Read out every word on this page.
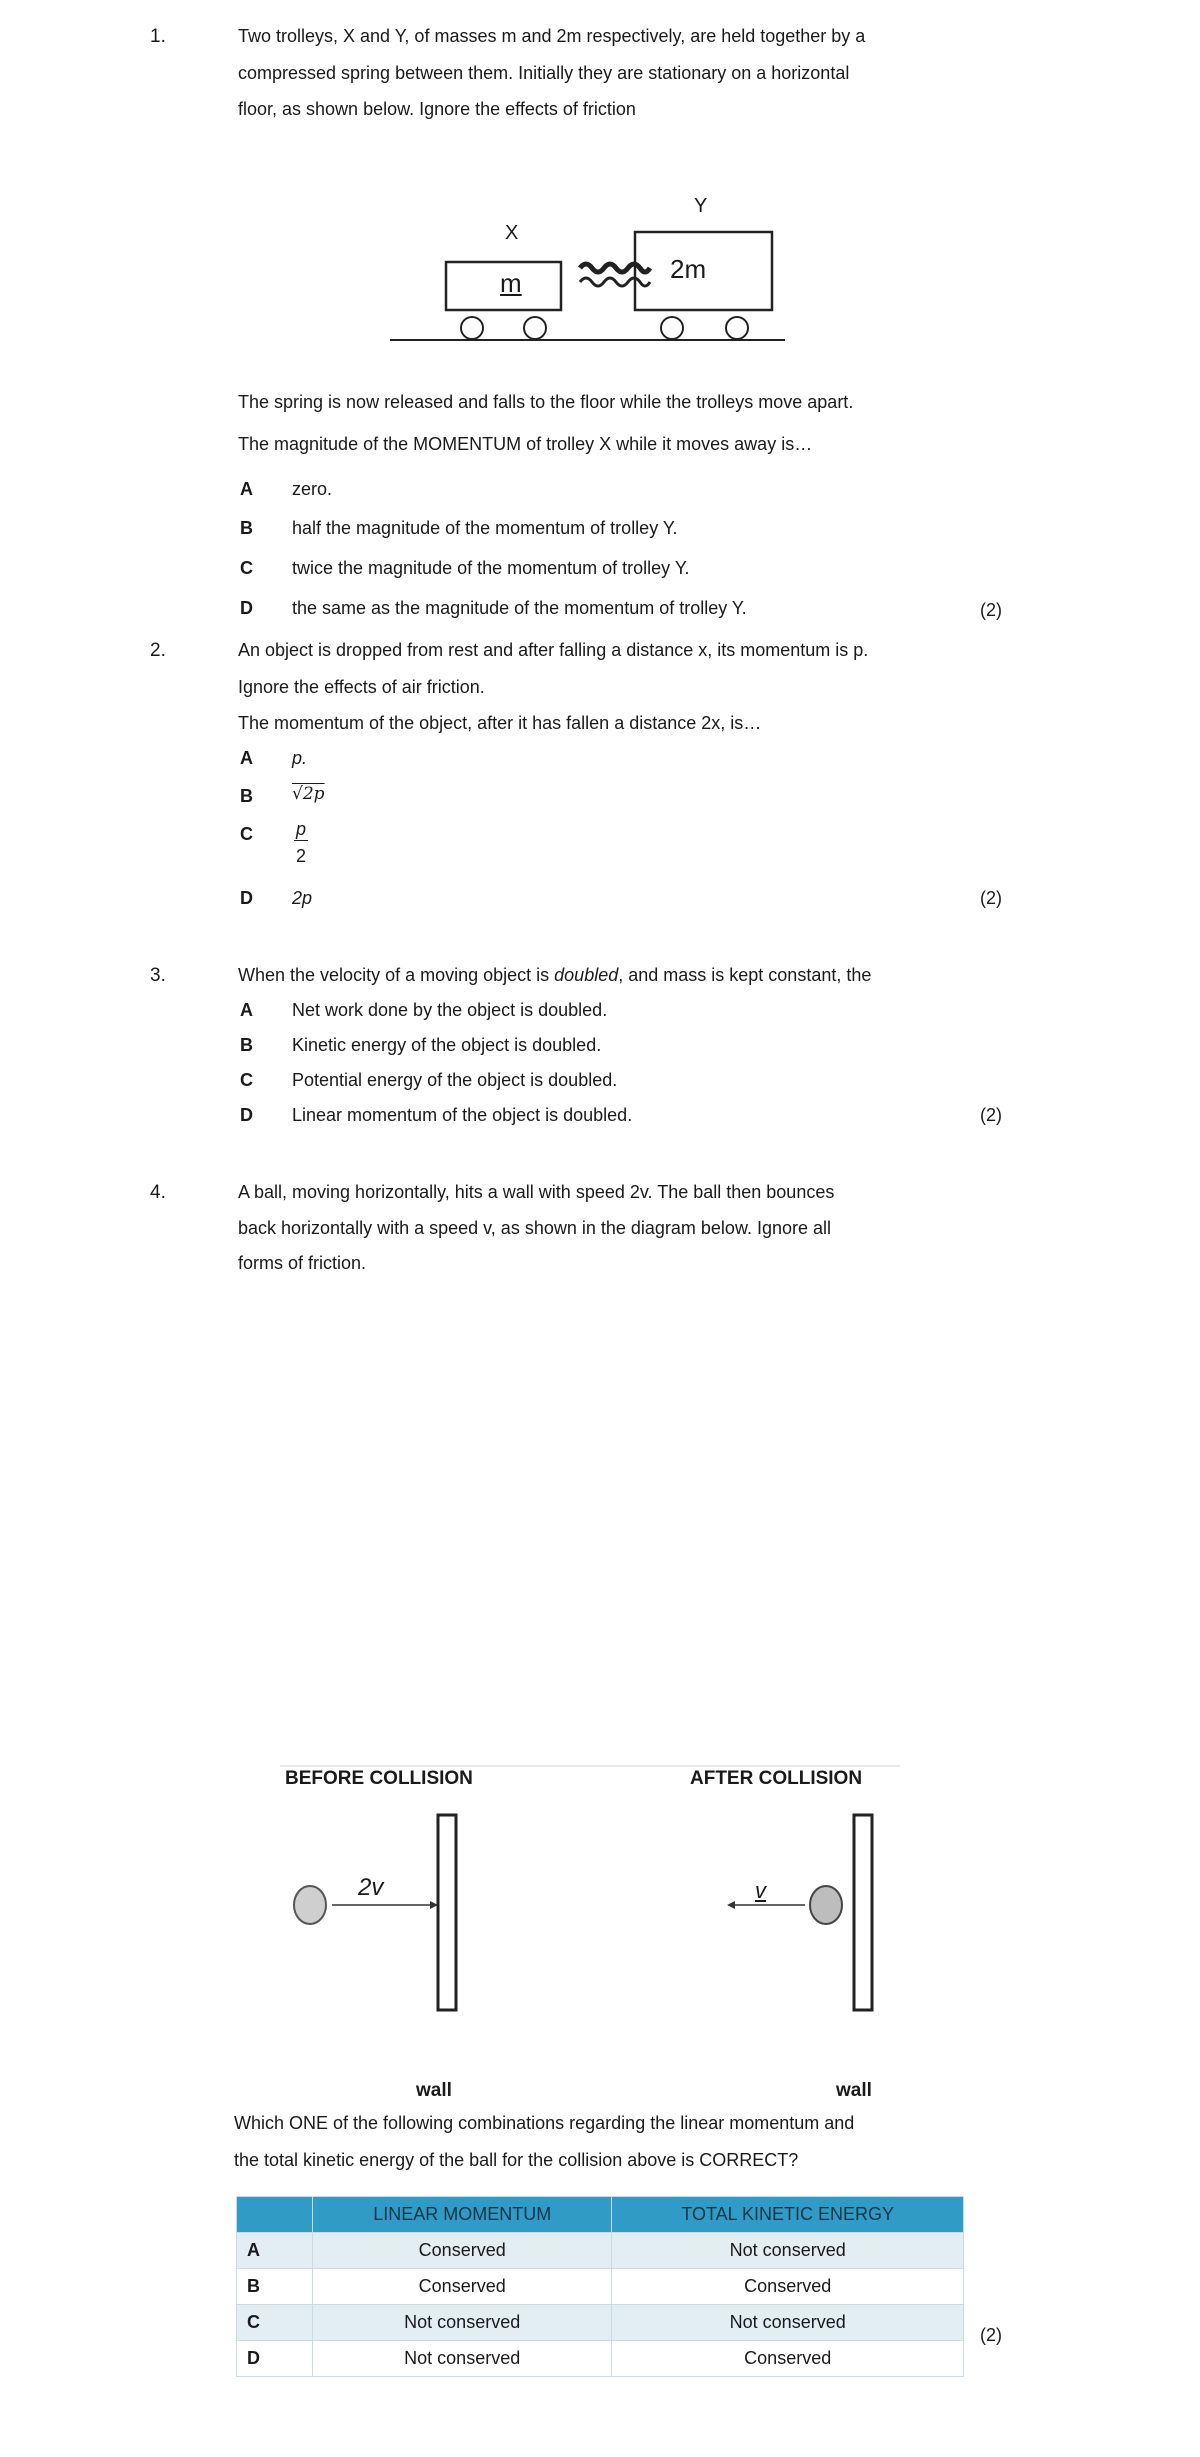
1.	Two trolleys, X and Y, of masses m and 2m respectively, are held together by a
compressed spring between them. Initially they are stationary on a horizontal
floor, as shown below. Ignore the effects of friction
X
Y
m	2m
The spring is now released and falls to the floor while the trolleys move apart.
The magnitude of the MOMENTUM of trolley X while it moves away is…
A zero.
B half the magnitude of the momentum of trolley Y.
C twice the magnitude of the momentum of trolley Y.
D the same as the magnitude of the momentum of trolley Y.	(2)
2.	An object is dropped from rest and after falling a distance x, its momentum is p.
Ignore the effects of air friction.
The momentum of the object, after it has fallen a distance 2x, is…
A p.
B √2p
C p
2
D 2p	(2)
3.	When the velocity of a moving object is doubled, and mass is kept constant, the
A Net work done by the object is doubled.
B Kinetic energy of the object is doubled.
C Potential energy of the object is doubled.
D Linear momentum of the object is doubled.	(2)
4.	A ball, moving horizontally, hits a wall with speed 2v. The ball then bounces
back horizontally with a speed v, as shown in the diagram below. Ignore all
forms of friction.
BEFORE COLLISION	AFTER COLLISION
2v	v
wall	wall
Which ONE of the following combinations regarding the linear momentum and
the total kinetic energy of the ball for the collision above is CORRECT?
	LINEAR MOMENTUM	TOTAL KINETIC ENERGY
A	Conserved	Not conserved
B	Conserved	Conserved
C	Not conserved	Not conserved
D	Not conserved	Conserved
(2)
